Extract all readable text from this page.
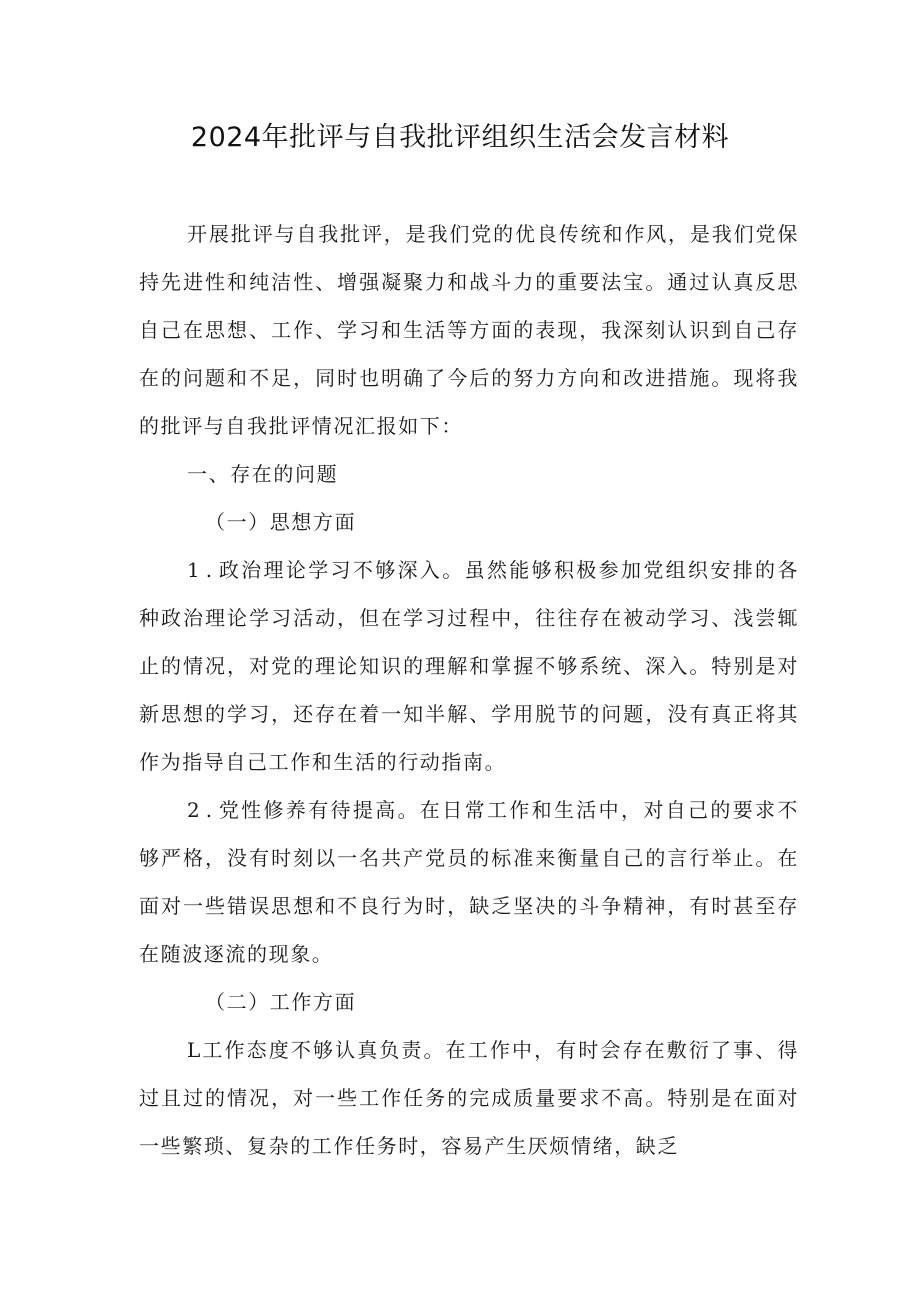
2024年批评与自我批评组织生活会发言材料

开展批评与自我批评，是我们党的优良传统和作风，是我们党保持先进性和纯洁性、增强凝聚力和战斗力的重要法宝。通过认真反思自己在思想、工作、学习和生活等方面的表现，我深刻认识到自己存在的问题和不足，同时也明确了今后的努力方向和改进措施。现将我的批评与自我批评情况汇报如下：

一、存在的问题

（一）思想方面

1.政治理论学习不够深入。虽然能够积极参加党组织安排的各种政治理论学习活动，但在学习过程中，往往存在被动学习、浅尝辄止的情况，对党的理论知识的理解和掌握不够系统、深入。特别是对新思想的学习，还存在着一知半解、学用脱节的问题，没有真正将其作为指导自己工作和生活的行动指南。

2.党性修养有待提高。在日常工作和生活中，对自己的要求不够严格，没有时刻以一名共产党员的标准来衡量自己的言行举止。在面对一些错误思想和不良行为时，缺乏坚决的斗争精神，有时甚至存在随波逐流的现象。

（二）工作方面

L工作态度不够认真负责。在工作中，有时会存在敷衍了事、得过且过的情况，对一些工作任务的完成质量要求不高。特别是在面对一些繁琐、复杂的工作任务时，容易产生厌烦情绪，缺乏
